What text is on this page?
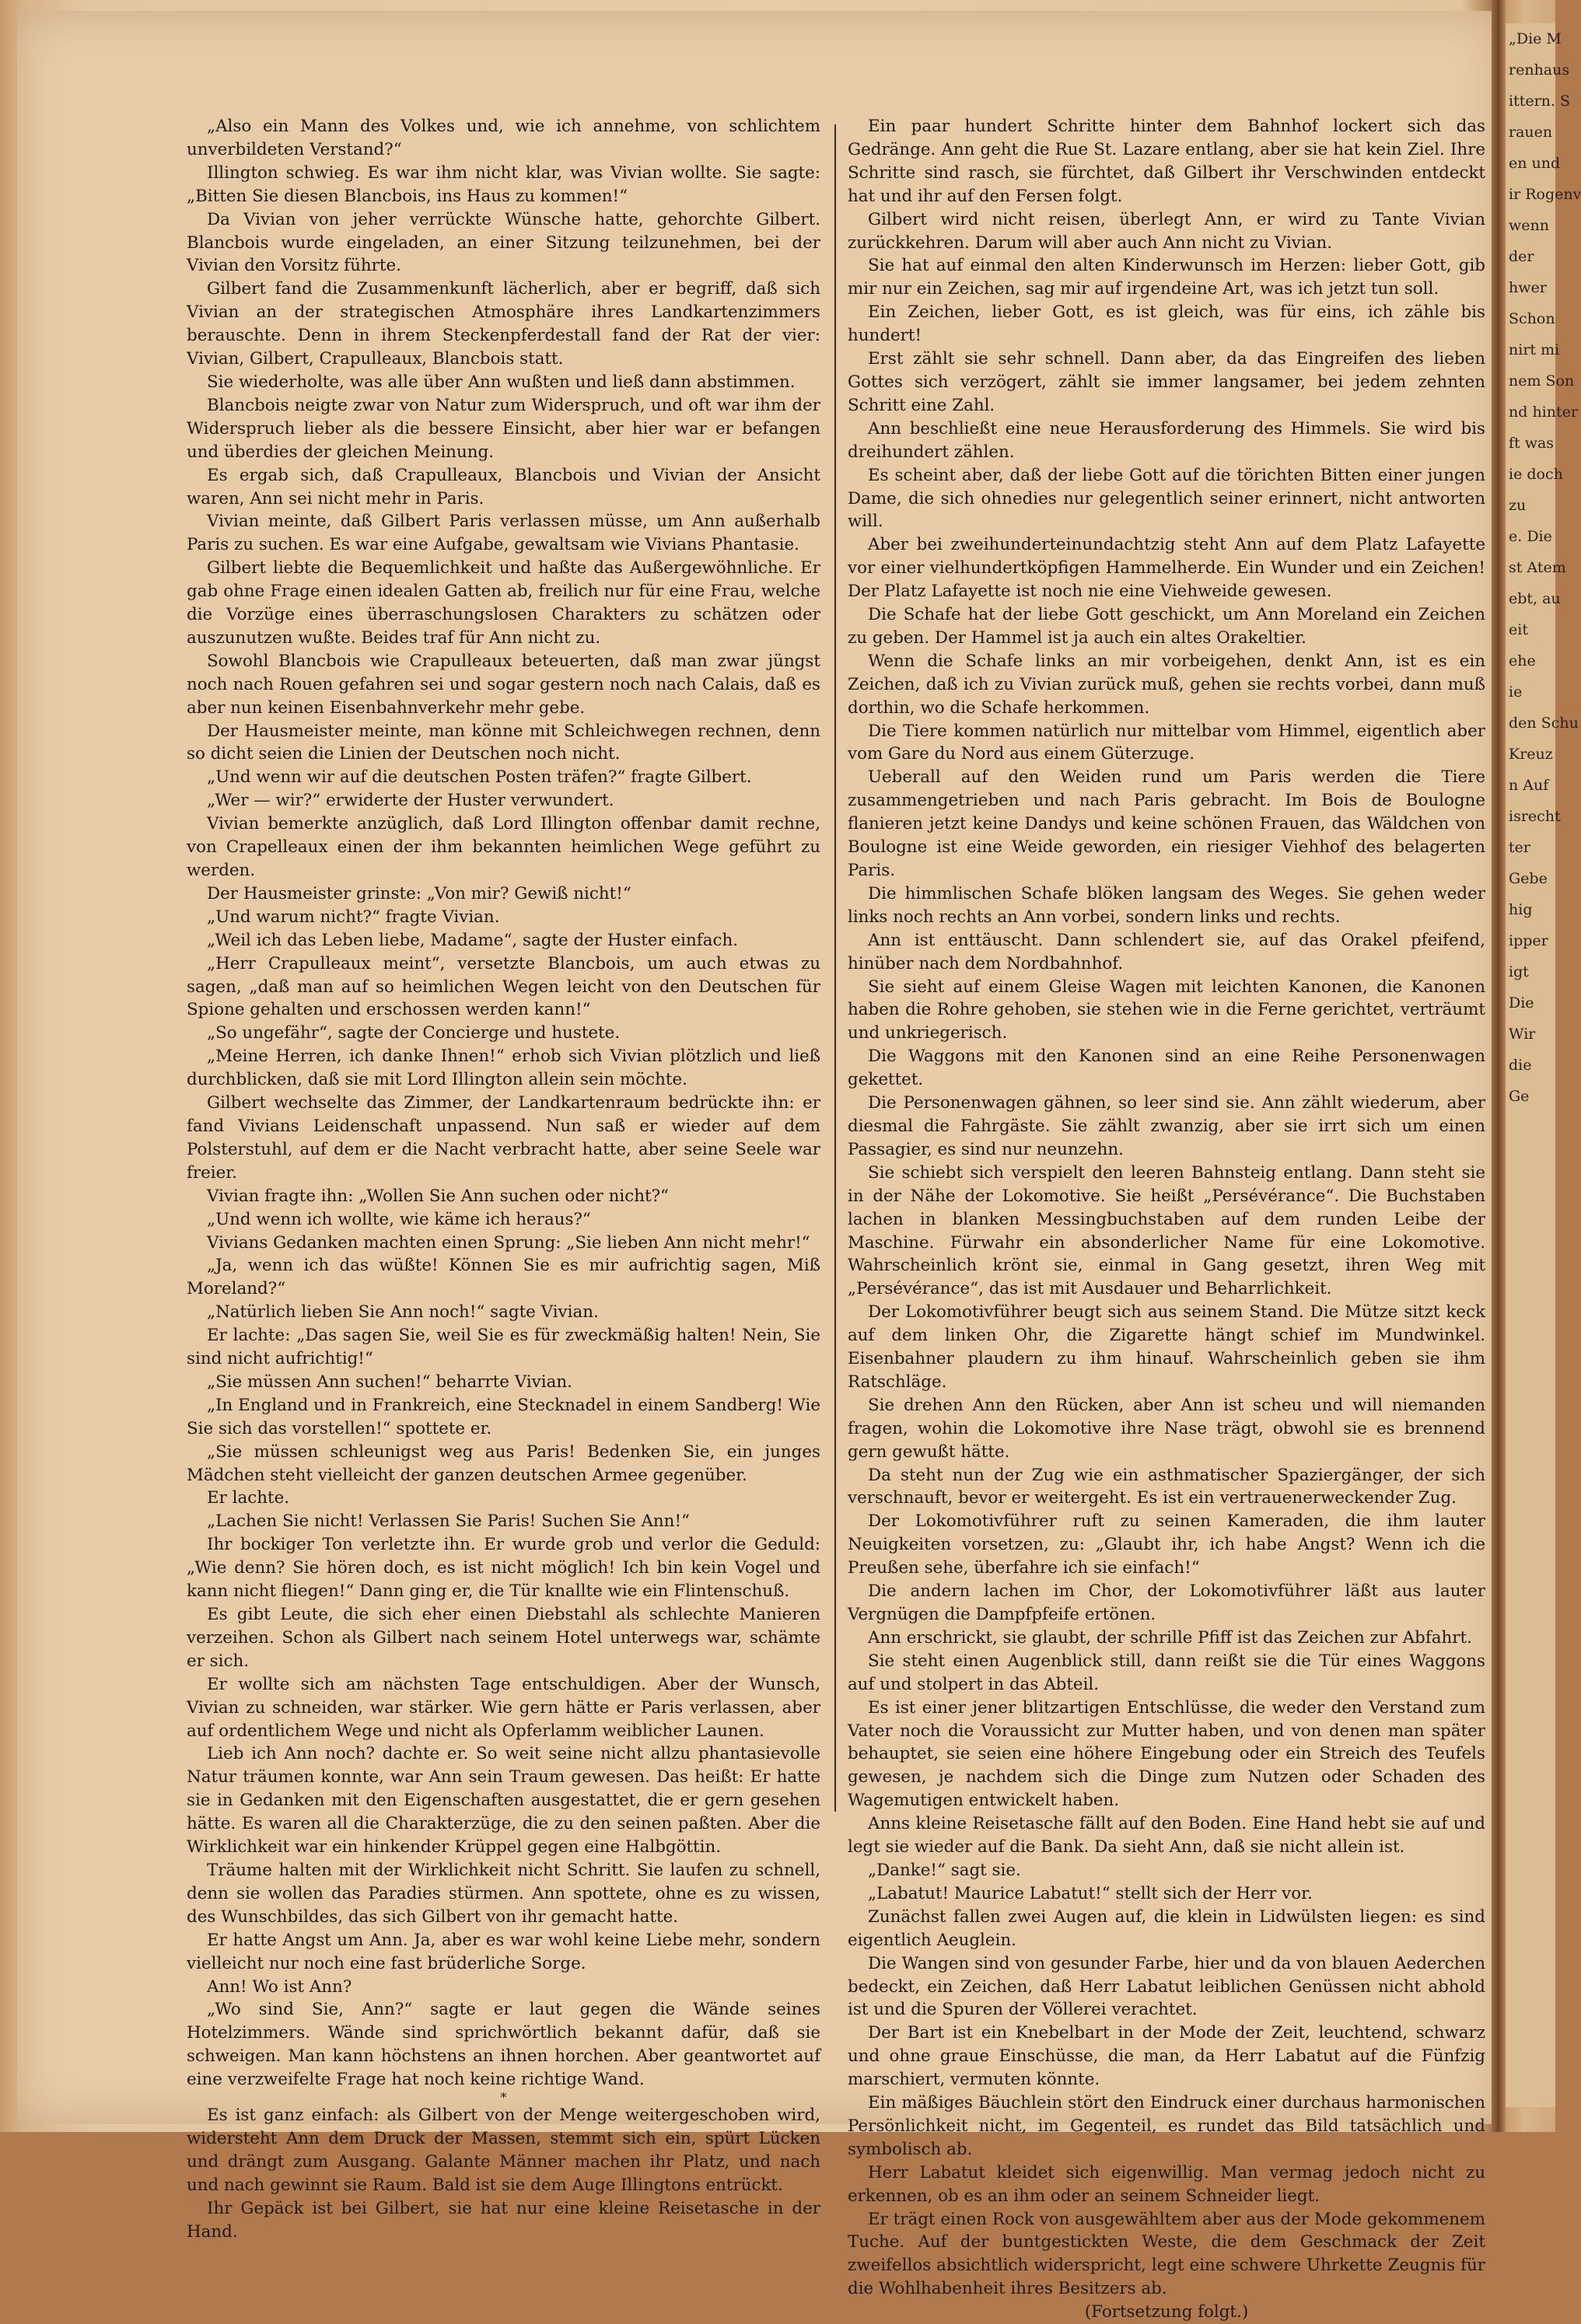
„Die M
renhaus
ittern. S
rauen
en und
ir Rogenv
wenn
der
hwer
Schon
nirt mi
nem Son
nd hinter
ft was
ie doch
zu
e. Die
st Atem
ebt, au
eit
ehe
ie
den Schu
Kreuz
n Auf
isrecht
ter
Gebe
hig
ipper
igt
Die
Wir
die
Ge

„Also ein Mann des Volkes und, wie ich annehme, von schlichtem unverbildeten Verstand?“

Illington schwieg. Es war ihm nicht klar, was Vivian wollte. Sie sagte: „Bitten Sie diesen Blancbois, ins Haus zu kommen!“

Da Vivian von jeher verrückte Wünsche hatte, gehorchte Gilbert. Blancbois wurde eingeladen, an einer Sitzung teilzunehmen, bei der Vivian den Vorsitz führte.

Gilbert fand die Zusammenkunft lächerlich, aber er begriff, daß sich Vivian an der strategischen Atmosphäre ihres Landkartenzimmers berauschte. Denn in ihrem Steckenpferdestall fand der Rat der vier: Vivian, Gilbert, Crapulleaux, Blancbois statt.

Sie wiederholte, was alle über Ann wußten und ließ dann abstimmen.

Blancbois neigte zwar von Natur zum Widerspruch, und oft war ihm der Widerspruch lieber als die bessere Einsicht, aber hier war er befangen und überdies der gleichen Meinung.

Es ergab sich, daß Crapulleaux, Blancbois und Vivian der Ansicht waren, Ann sei nicht mehr in Paris.

Vivian meinte, daß Gilbert Paris verlassen müsse, um Ann außerhalb Paris zu suchen. Es war eine Aufgabe, gewaltsam wie Vivians Phantasie.

Gilbert liebte die Bequemlichkeit und haßte das Außergewöhnliche. Er gab ohne Frage einen idealen Gatten ab, freilich nur für eine Frau, welche die Vorzüge eines überraschungslosen Charakters zu schätzen oder auszunutzen wußte. Beides traf für Ann nicht zu.

Sowohl Blancbois wie Crapulleaux beteuerten, daß man zwar jüngst noch nach Rouen gefahren sei und sogar gestern noch nach Calais, daß es aber nun keinen Eisenbahnverkehr mehr gebe.

Der Hausmeister meinte, man könne mit Schleichwegen rechnen, denn so dicht seien die Linien der Deutschen noch nicht.

„Und wenn wir auf die deutschen Posten träfen?“ fragte Gilbert.

„Wer — wir?“ erwiderte der Huster verwundert.

Vivian bemerkte anzüglich, daß Lord Illington offenbar damit rechne, von Crapelleaux einen der ihm bekannten heimlichen Wege geführt zu werden.

Der Hausmeister grinste: „Von mir? Gewiß nicht!“

„Und warum nicht?“ fragte Vivian.

„Weil ich das Leben liebe, Madame“, sagte der Huster einfach.

„Herr Crapulleaux meint“, versetzte Blancbois, um auch etwas zu sagen, „daß man auf so heimlichen Wegen leicht von den Deutschen für Spione gehalten und erschossen werden kann!“

„So ungefähr“, sagte der Concierge und hustete.

„Meine Herren, ich danke Ihnen!“ erhob sich Vivian plötzlich und ließ durchblicken, daß sie mit Lord Illington allein sein möchte.

Gilbert wechselte das Zimmer, der Landkartenraum bedrückte ihn: er fand Vivians Leidenschaft unpassend. Nun saß er wieder auf dem Polsterstuhl, auf dem er die Nacht verbracht hatte, aber seine Seele war freier.

Vivian fragte ihn: „Wollen Sie Ann suchen oder nicht?“

„Und wenn ich wollte, wie käme ich heraus?“

Vivians Gedanken machten einen Sprung: „Sie lieben Ann nicht mehr!“

„Ja, wenn ich das wüßte! Können Sie es mir aufrichtig sagen, Miß Moreland?“

„Natürlich lieben Sie Ann noch!“ sagte Vivian.

Er lachte: „Das sagen Sie, weil Sie es für zweckmäßig halten! Nein, Sie sind nicht aufrichtig!“

„Sie müssen Ann suchen!“ beharrte Vivian.

„In England und in Frankreich, eine Stecknadel in einem Sandberg! Wie Sie sich das vorstellen!“ spottete er.

„Sie müssen schleunigst weg aus Paris! Bedenken Sie, ein junges Mädchen steht vielleicht der ganzen deutschen Armee gegenüber.

Er lachte.

„Lachen Sie nicht! Verlassen Sie Paris! Suchen Sie Ann!“

Ihr bockiger Ton verletzte ihn. Er wurde grob und verlor die Geduld: „Wie denn? Sie hören doch, es ist nicht möglich! Ich bin kein Vogel und kann nicht fliegen!“ Dann ging er, die Tür knallte wie ein Flintenschuß.

Es gibt Leute, die sich eher einen Diebstahl als schlechte Manieren verzeihen. Schon als Gilbert nach seinem Hotel unterwegs war, schämte er sich.

Er wollte sich am nächsten Tage entschuldigen. Aber der Wunsch, Vivian zu schneiden, war stärker. Wie gern hätte er Paris verlassen, aber auf ordentlichem Wege und nicht als Opferlamm weiblicher Launen.

Lieb ich Ann noch? dachte er. So weit seine nicht allzu phantasievolle Natur träumen konnte, war Ann sein Traum gewesen. Das heißt: Er hatte sie in Gedanken mit den Eigenschaften ausgestattet, die er gern gesehen hätte. Es waren all die Charakterzüge, die zu den seinen paßten. Aber die Wirklichkeit war ein hinkender Krüppel gegen eine Halbgöttin.

Träume halten mit der Wirklichkeit nicht Schritt. Sie laufen zu schnell, denn sie wollen das Paradies stürmen. Ann spottete, ohne es zu wissen, des Wunschbildes, das sich Gilbert von ihr gemacht hatte.

Er hatte Angst um Ann. Ja, aber es war wohl keine Liebe mehr, sondern vielleicht nur noch eine fast brüderliche Sorge.

Ann! Wo ist Ann?

„Wo sind Sie, Ann?“ sagte er laut gegen die Wände seines Hotelzimmers. Wände sind sprichwörtlich bekannt dafür, daß sie schweigen. Man kann höchstens an ihnen horchen. Aber geantwortet auf eine verzweifelte Frage hat noch keine richtige Wand.

*

Es ist ganz einfach: als Gilbert von der Menge weitergeschoben wird, widersteht Ann dem Druck der Massen, stemmt sich ein, spürt Lücken und drängt zum Ausgang. Galante Männer machen ihr Platz, und nach und nach gewinnt sie Raum. Bald ist sie dem Auge Illingtons entrückt.

Ihr Gepäck ist bei Gilbert, sie hat nur eine kleine Reisetasche in der Hand.

Ein paar hundert Schritte hinter dem Bahnhof lockert sich das Gedränge. Ann geht die Rue St. Lazare entlang, aber sie hat kein Ziel. Ihre Schritte sind rasch, sie fürchtet, daß Gilbert ihr Verschwinden entdeckt hat und ihr auf den Fersen folgt.

Gilbert wird nicht reisen, überlegt Ann, er wird zu Tante Vivian zurückkehren. Darum will aber auch Ann nicht zu Vivian.

Sie hat auf einmal den alten Kinderwunsch im Herzen: lieber Gott, gib mir nur ein Zeichen, sag mir auf irgendeine Art, was ich jetzt tun soll.

Ein Zeichen, lieber Gott, es ist gleich, was für eins, ich zähle bis hundert!

Erst zählt sie sehr schnell. Dann aber, da das Eingreifen des lieben Gottes sich verzögert, zählt sie immer langsamer, bei jedem zehnten Schritt eine Zahl.

Ann beschließt eine neue Herausforderung des Himmels. Sie wird bis dreihundert zählen.

Es scheint aber, daß der liebe Gott auf die törichten Bitten einer jungen Dame, die sich ohnedies nur gelegentlich seiner erinnert, nicht antworten will.

Aber bei zweihunderteinundachtzig steht Ann auf dem Platz Lafayette vor einer vielhundertköpfigen Hammelherde. Ein Wunder und ein Zeichen! Der Platz Lafayette ist noch nie eine Viehweide gewesen.

Die Schafe hat der liebe Gott geschickt, um Ann Moreland ein Zeichen zu geben. Der Hammel ist ja auch ein altes Orakeltier.

Wenn die Schafe links an mir vorbeigehen, denkt Ann, ist es ein Zeichen, daß ich zu Vivian zurück muß, gehen sie rechts vorbei, dann muß dorthin, wo die Schafe herkommen.

Die Tiere kommen natürlich nur mittelbar vom Himmel, eigentlich aber vom Gare du Nord aus einem Güterzuge.

Ueberall auf den Weiden rund um Paris werden die Tiere zusammengetrieben und nach Paris gebracht. Im Bois de Boulogne flanieren jetzt keine Dandys und keine schönen Frauen, das Wäldchen von Boulogne ist eine Weide geworden, ein riesiger Viehhof des belagerten Paris.

Die himmlischen Schafe blöken langsam des Weges. Sie gehen weder links noch rechts an Ann vorbei, sondern links und rechts.

Ann ist enttäuscht. Dann schlendert sie, auf das Orakel pfeifend, hinüber nach dem Nordbahnhof.

Sie sieht auf einem Gleise Wagen mit leichten Kanonen, die Kanonen haben die Rohre gehoben, sie stehen wie in die Ferne gerichtet, verträumt und unkriegerisch.

Die Waggons mit den Kanonen sind an eine Reihe Personenwagen gekettet.

Die Personenwagen gähnen, so leer sind sie. Ann zählt wiederum, aber diesmal die Fahrgäste. Sie zählt zwanzig, aber sie irrt sich um einen Passagier, es sind nur neunzehn.

Sie schiebt sich verspielt den leeren Bahnsteig entlang. Dann steht sie in der Nähe der Lokomotive. Sie heißt „Persévérance“. Die Buchstaben lachen in blanken Messingbuchstaben auf dem runden Leibe der Maschine. Fürwahr ein absonderlicher Name für eine Lokomotive. Wahrscheinlich krönt sie, einmal in Gang gesetzt, ihren Weg mit „Persévérance“, das ist mit Ausdauer und Beharrlichkeit.

Der Lokomotivführer beugt sich aus seinem Stand. Die Mütze sitzt keck auf dem linken Ohr, die Zigarette hängt schief im Mundwinkel. Eisenbahner plaudern zu ihm hinauf. Wahrscheinlich geben sie ihm Ratschläge.

Sie drehen Ann den Rücken, aber Ann ist scheu und will niemanden fragen, wohin die Lokomotive ihre Nase trägt, obwohl sie es brennend gern gewußt hätte.

Da steht nun der Zug wie ein asthmatischer Spaziergänger, der sich verschnauft, bevor er weitergeht. Es ist ein vertrauenerweckender Zug.

Der Lokomotivführer ruft zu seinen Kameraden, die ihm lauter Neuigkeiten vorsetzen, zu: „Glaubt ihr, ich habe Angst? Wenn ich die Preußen sehe, überfahre ich sie einfach!“

Die andern lachen im Chor, der Lokomotivführer läßt aus lauter Vergnügen die Dampfpfeife ertönen.

Ann erschrickt, sie glaubt, der schrille Pfiff ist das Zeichen zur Abfahrt.

Sie steht einen Augenblick still, dann reißt sie die Tür eines Waggons auf und stolpert in das Abteil.

Es ist einer jener blitzartigen Entschlüsse, die weder den Verstand zum Vater noch die Voraussicht zur Mutter haben, und von denen man später behauptet, sie seien eine höhere Eingebung oder ein Streich des Teufels gewesen, je nachdem sich die Dinge zum Nutzen oder Schaden des Wagemutigen entwickelt haben.

Anns kleine Reisetasche fällt auf den Boden. Eine Hand hebt sie auf und legt sie wieder auf die Bank. Da sieht Ann, daß sie nicht allein ist.

„Danke!“ sagt sie.

„Labatut! Maurice Labatut!“ stellt sich der Herr vor.

Zunächst fallen zwei Augen auf, die klein in Lidwülsten liegen: es sind eigentlich Aeuglein.

Die Wangen sind von gesunder Farbe, hier und da von blauen Aederchen bedeckt, ein Zeichen, daß Herr Labatut leiblichen Genüssen nicht abhold ist und die Spuren der Völlerei verachtet.

Der Bart ist ein Knebelbart in der Mode der Zeit, leuchtend, schwarz und ohne graue Einschüsse, die man, da Herr Labatut auf die Fünfzig marschiert, vermuten könnte.

Ein mäßiges Bäuchlein stört den Eindruck einer durchaus harmonischen Persönlichkeit nicht, im Gegenteil, es rundet das Bild tatsächlich und symbolisch ab.

Herr Labatut kleidet sich eigenwillig. Man vermag jedoch nicht zu erkennen, ob es an ihm oder an seinem Schneider liegt.

Er trägt einen Rock von ausgewähltem aber aus der Mode gekommenem Tuche. Auf der buntgestickten Weste, die dem Geschmack der Zeit zweifellos absichtlich widerspricht, legt eine schwere Uhrkette Zeugnis für die Wohlhabenheit ihres Besitzers ab.

(Fortsetzung folgt.)
